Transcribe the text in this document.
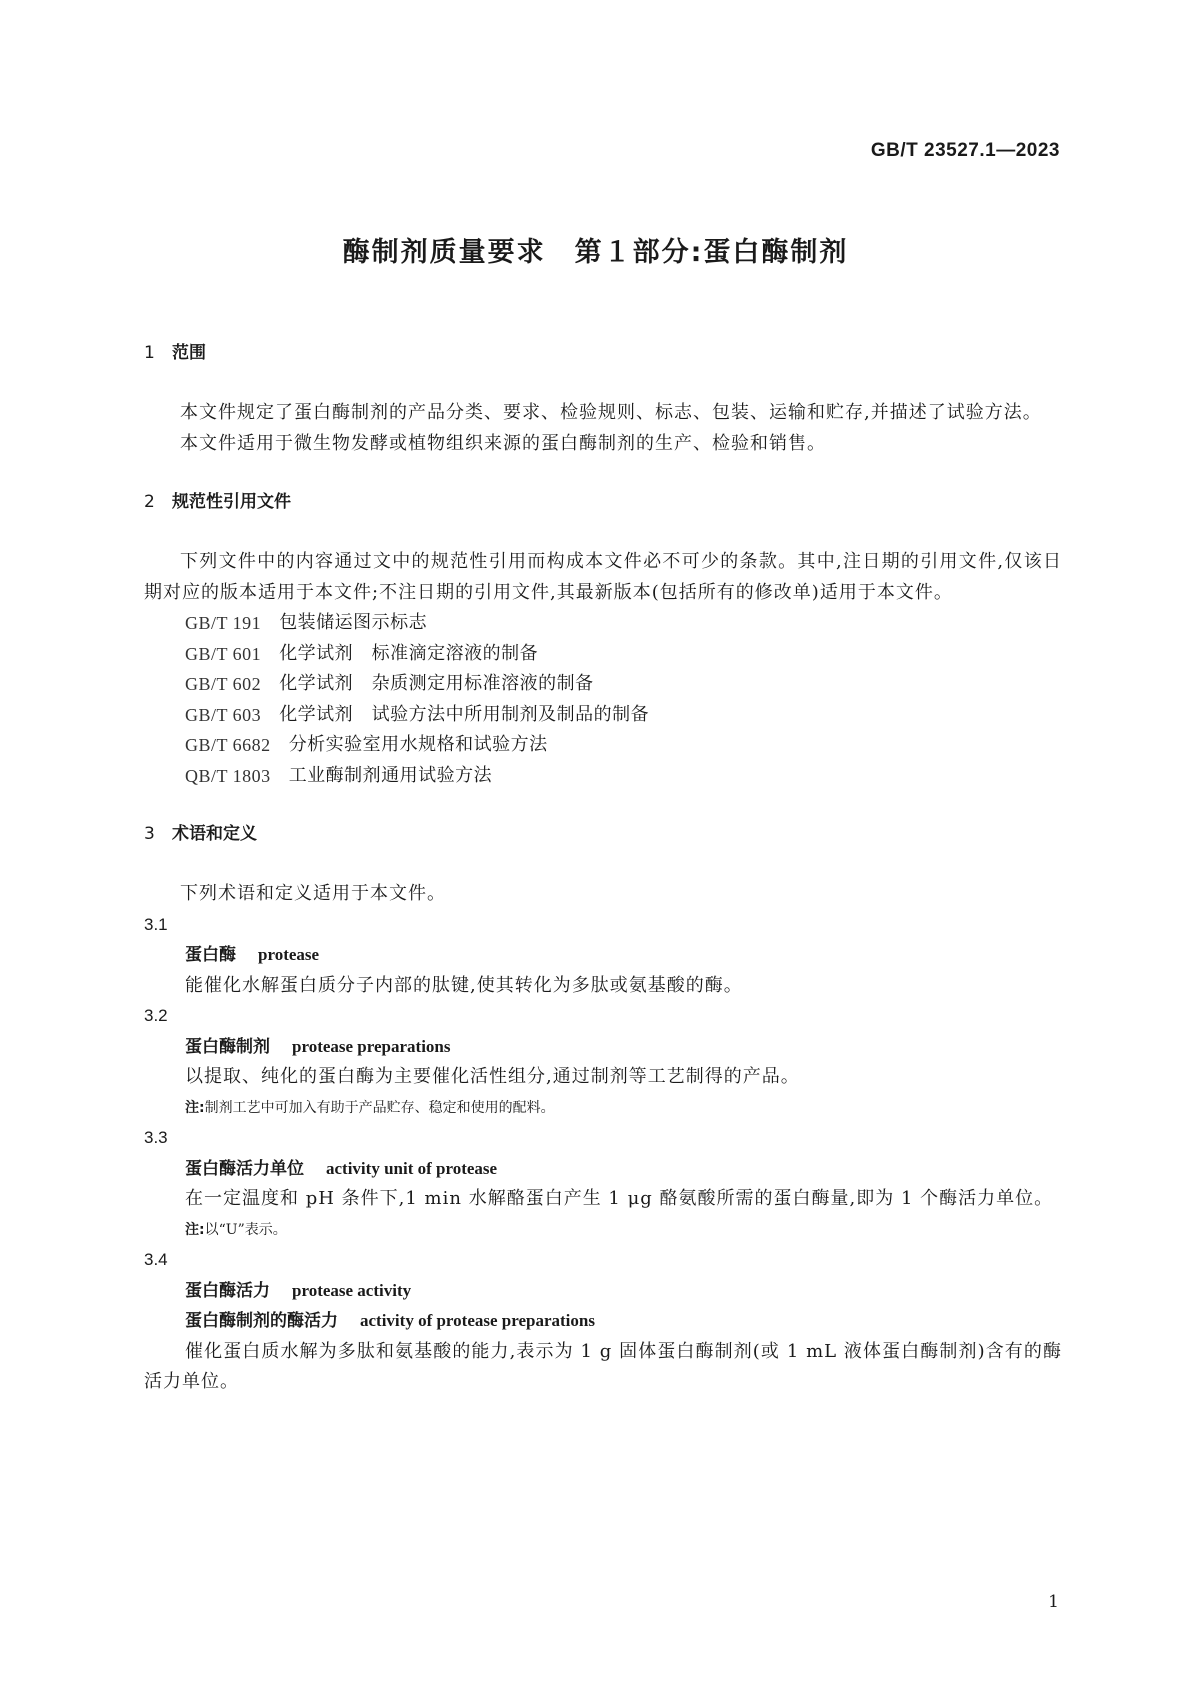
GB/T 23527.1—2023
酶制剂质量要求　第１部分:蛋白酶制剂
1	范围

本文件规定了蛋白酶制剂的产品分类、要求、检验规则、标志、包装、运输和贮存,并描述了试验方法。

本文件适用于微生物发酵或植物组织来源的蛋白酶制剂的生产、检验和销售。

2	规范性引用文件

下列文件中的内容通过文中的规范性引用而构成本文件必不可少的条款。其中,注日期的引用文件,仅该日期对应的版本适用于本文件;不注日期的引用文件,其最新版本(包括所有的修改单)适用于本文件。

GB/T 191 包装储运图示标志
GB/T 601 化学试剂　标准滴定溶液的制备
GB/T 602 化学试剂　杂质测定用标准溶液的制备
GB/T 603 化学试剂　试验方法中所用制剂及制品的制备
GB/T 6682 分析实验室用水规格和试验方法
QB/T 1803 工业酶制剂通用试验方法
3	术语和定义

下列术语和定义适用于本文件。

3.1
蛋白酶 protease

能催化水解蛋白质分子内部的肽键,使其转化为多肽或氨基酸的酶。

3.2
蛋白酶制剂 protease preparations

以提取、纯化的蛋白酶为主要催化活性组分,通过制剂等工艺制得的产品。

注:制剂工艺中可加入有助于产品贮存、稳定和使用的配料。
3.3
蛋白酶活力单位 activity unit of protease

在一定温度和 pH 条件下,1 min 水解酪蛋白产生 1 μg 酪氨酸所需的蛋白酶量,即为 1 个酶活力单位。

注:以“U”表示。
3.4
蛋白酶活力 protease activity
蛋白酶制剂的酶活力 activity of protease preparations

催化蛋白质水解为多肽和氨基酸的能力,表示为 1 g 固体蛋白酶制剂(或 1 mL 液体蛋白酶制剂)含有的酶活力单位。

1
